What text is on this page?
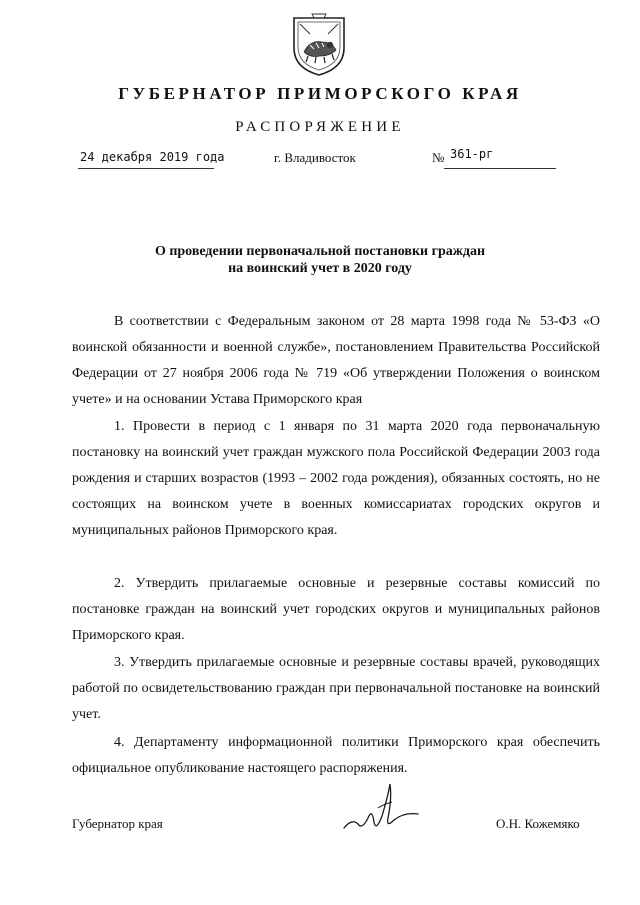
ГУБЕРНАТОР ПРИМОРСКОГО КРАЯ
РАСПОРЯЖЕНИЕ
24 декабря 2019 года	г. Владивосток	№ 361-рг
О проведении первоначальной постановки граждан
на воинский учет в 2020 году
В соответствии с Федеральным законом от 28 марта 1998 года № 53-ФЗ «О воинской обязанности и военной службе», постановлением Правительства Российской Федерации от 27 ноября 2006 года № 719 «Об утверждении Положения о воинском учете» и на основании Устава Приморского края
1. Провести в период с 1 января по 31 марта 2020 года первоначальную постановку на воинский учет граждан мужского пола Российской Федерации 2003 года рождения и старших возрастов (1993 – 2002 года рождения), обязанных состоять, но не состоящих на воинском учете в военных комиссариатах городских округов и муниципальных районов Приморского края.
2. Утвердить прилагаемые основные и резервные составы комиссий по постановке граждан на воинский учет городских округов и муниципальных районов Приморского края.
3. Утвердить прилагаемые основные и резервные составы врачей, руководящих работой по освидетельствованию граждан при первоначальной постановке на воинский учет.
4. Департаменту информационной политики Приморского края обеспечить официальное опубликование настоящего распоряжения.
Губернатор края	О.Н. Кожемяко
